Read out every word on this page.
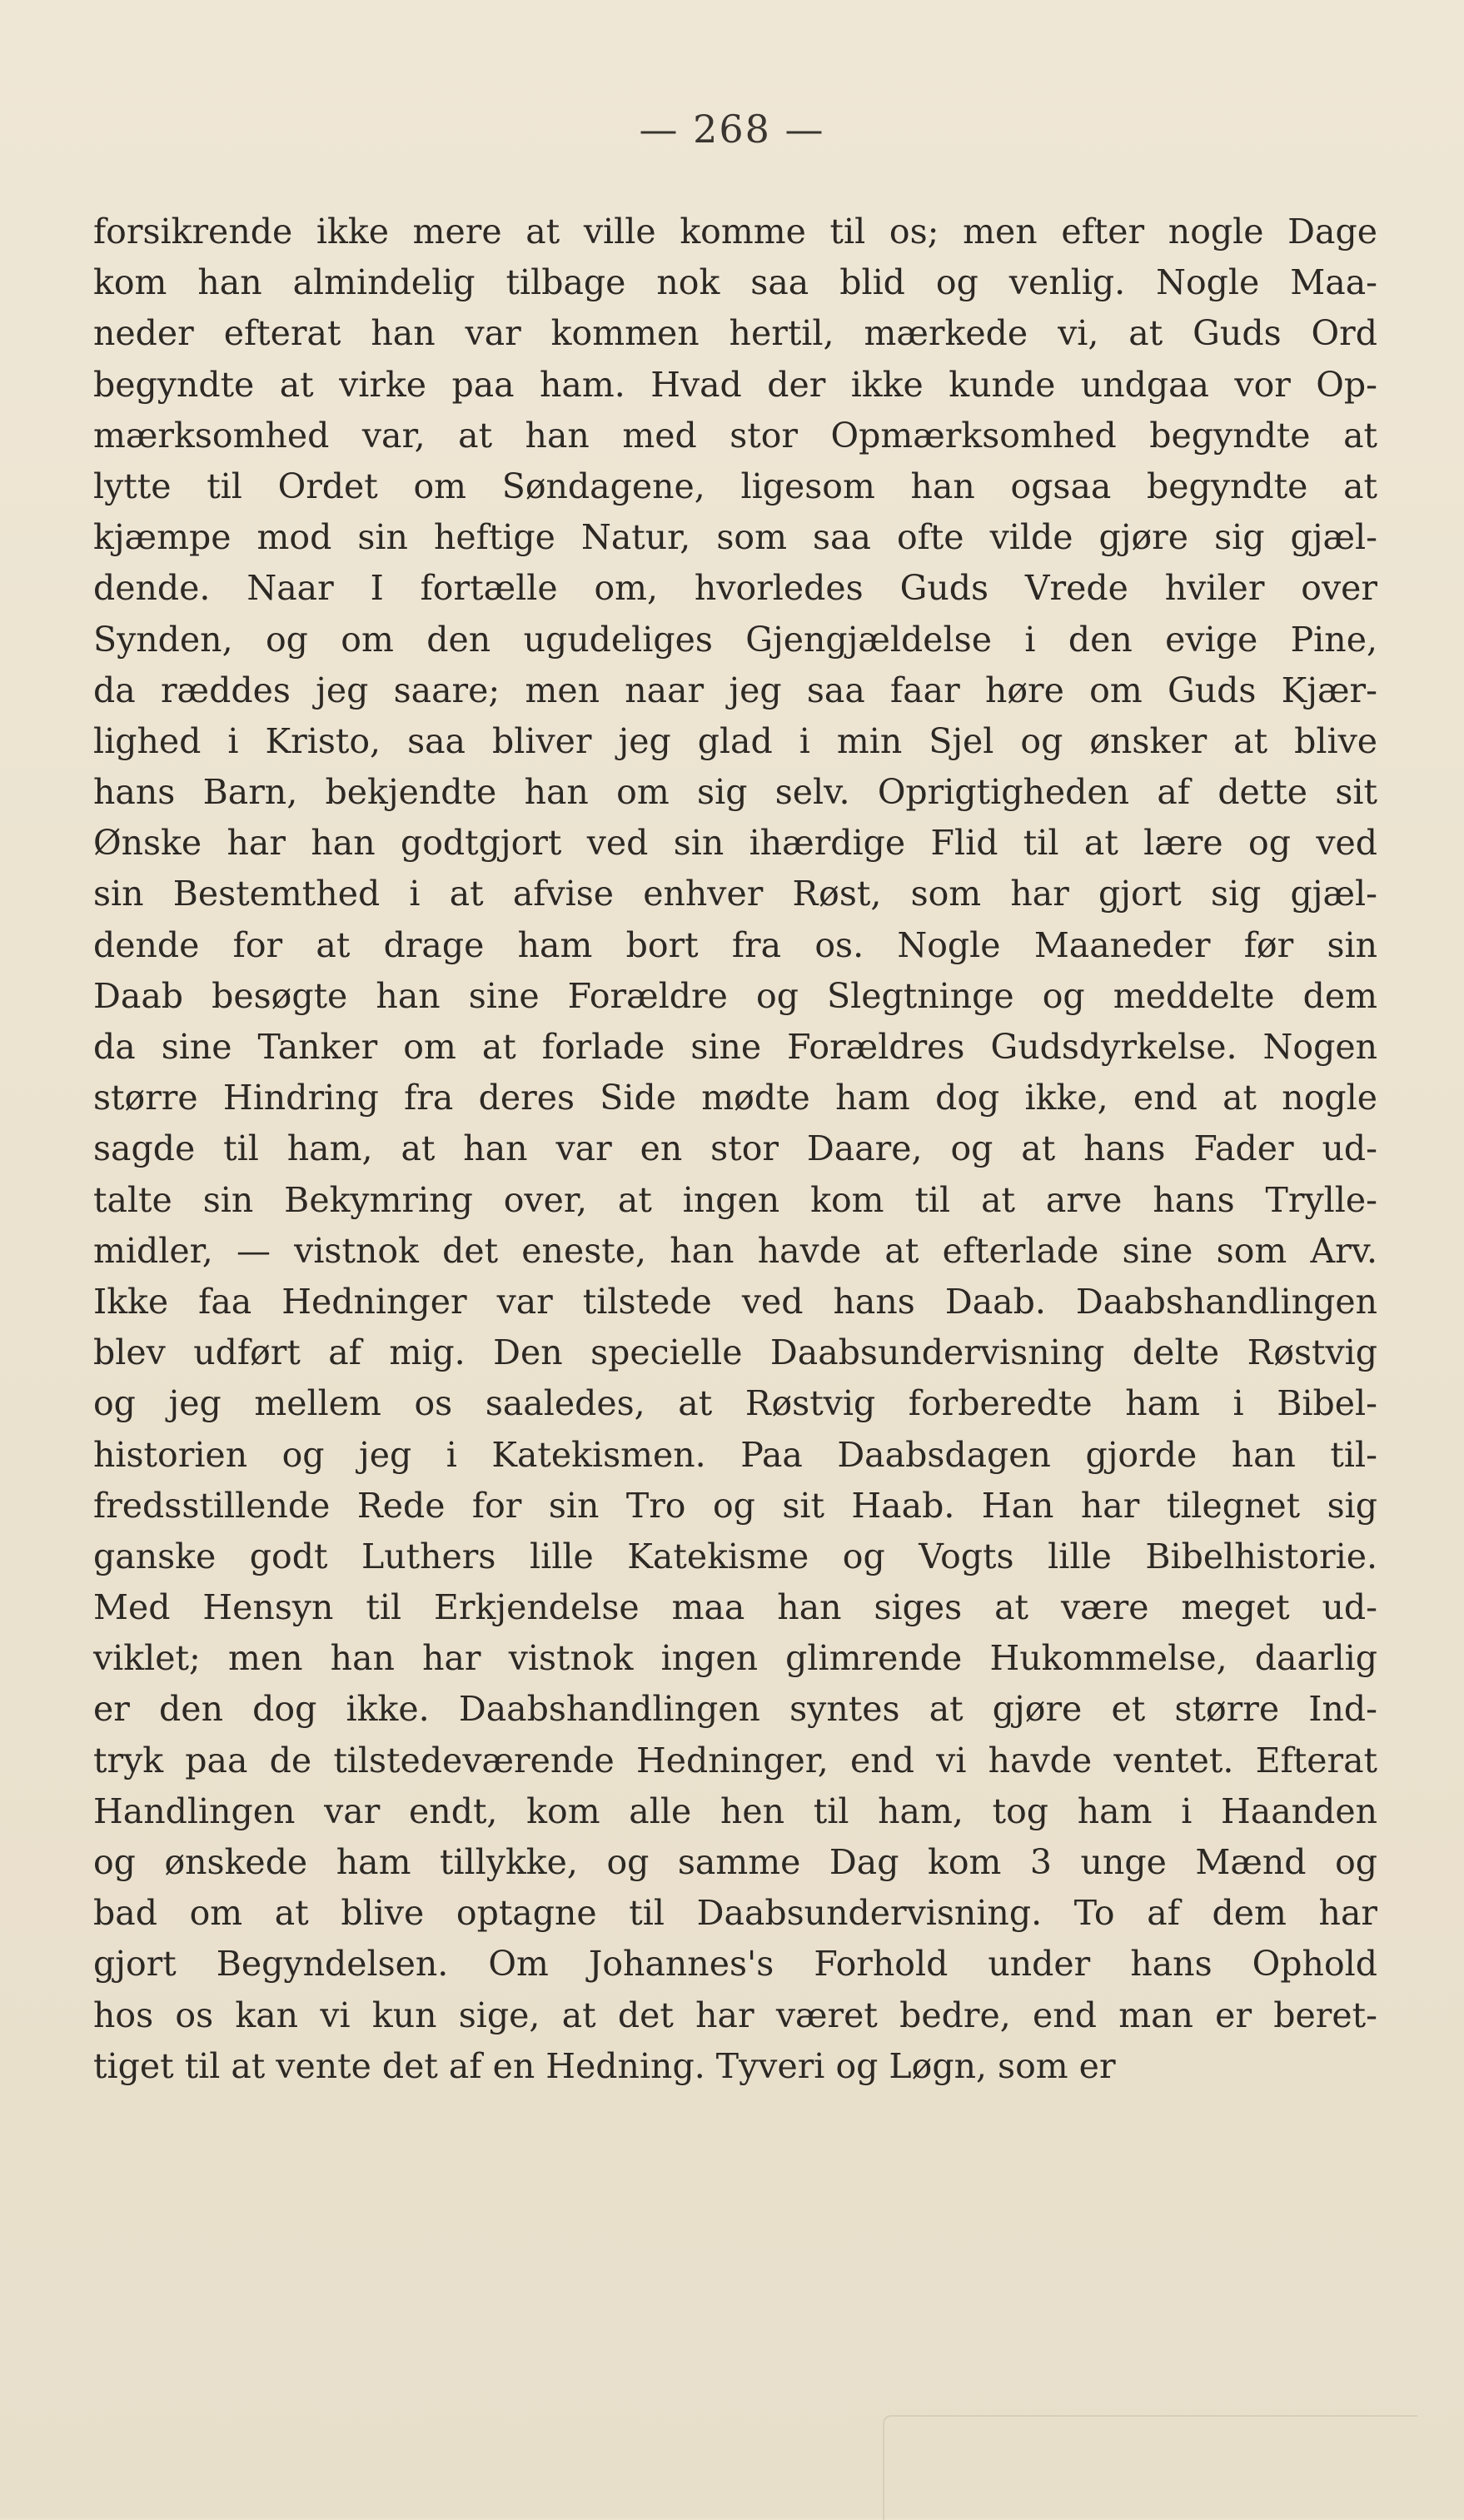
— 268 —
forsikrende ikke mere at ville komme til os; men efter nogle Dage
kom han almindelig tilbage nok saa blid og venlig. Nogle Maa-
neder efterat han var kommen hertil, mærkede vi, at Guds Ord
begyndte at virke paa ham. Hvad der ikke kunde undgaa vor Op-
mærksomhed var, at han med stor Opmærksomhed begyndte at
lytte til Ordet om Søndagene, ligesom han ogsaa begyndte at
kjæmpe mod sin heftige Natur, som saa ofte vilde gjøre sig gjæl-
dende. Naar I fortælle om, hvorledes Guds Vrede hviler over
Synden, og om den ugudeliges Gjengjældelse i den evige Pine,
da ræddes jeg saare; men naar jeg saa faar høre om Guds Kjær-
lighed i Kristo, saa bliver jeg glad i min Sjel og ønsker at blive
hans Barn, bekjendte han om sig selv. Oprigtigheden af dette sit
Ønske har han godtgjort ved sin ihærdige Flid til at lære og ved
sin Bestemthed i at afvise enhver Røst, som har gjort sig gjæl-
dende for at drage ham bort fra os. Nogle Maaneder før sin
Daab besøgte han sine Forældre og Slegtninge og meddelte dem
da sine Tanker om at forlade sine Forældres Gudsdyrkelse. Nogen
større Hindring fra deres Side mødte ham dog ikke, end at nogle
sagde til ham, at han var en stor Daare, og at hans Fader ud-
talte sin Bekymring over, at ingen kom til at arve hans Trylle-
midler, — vistnok det eneste, han havde at efterlade sine som Arv.
Ikke faa Hedninger var tilstede ved hans Daab. Daabshandlingen
blev udført af mig. Den specielle Daabsundervisning delte Røstvig
og jeg mellem os saaledes, at Røstvig forberedte ham i Bibel-
historien og jeg i Katekismen. Paa Daabsdagen gjorde han til-
fredsstillende Rede for sin Tro og sit Haab. Han har tilegnet sig
ganske godt Luthers lille Katekisme og Vogts lille Bibelhistorie.
Med Hensyn til Erkjendelse maa han siges at være meget ud-
viklet; men han har vistnok ingen glimrende Hukommelse, daarlig
er den dog ikke. Daabshandlingen syntes at gjøre et større Ind-
tryk paa de tilstedeværende Hedninger, end vi havde ventet. Efterat
Handlingen var endt, kom alle hen til ham, tog ham i Haanden
og ønskede ham tillykke, og samme Dag kom 3 unge Mænd og
bad om at blive optagne til Daabsundervisning. To af dem har
gjort Begyndelsen. Om Johannes's Forhold under hans Ophold
hos os kan vi kun sige, at det har været bedre, end man er beret-
tiget til at vente det af en Hedning. Tyveri og Løgn, som er
